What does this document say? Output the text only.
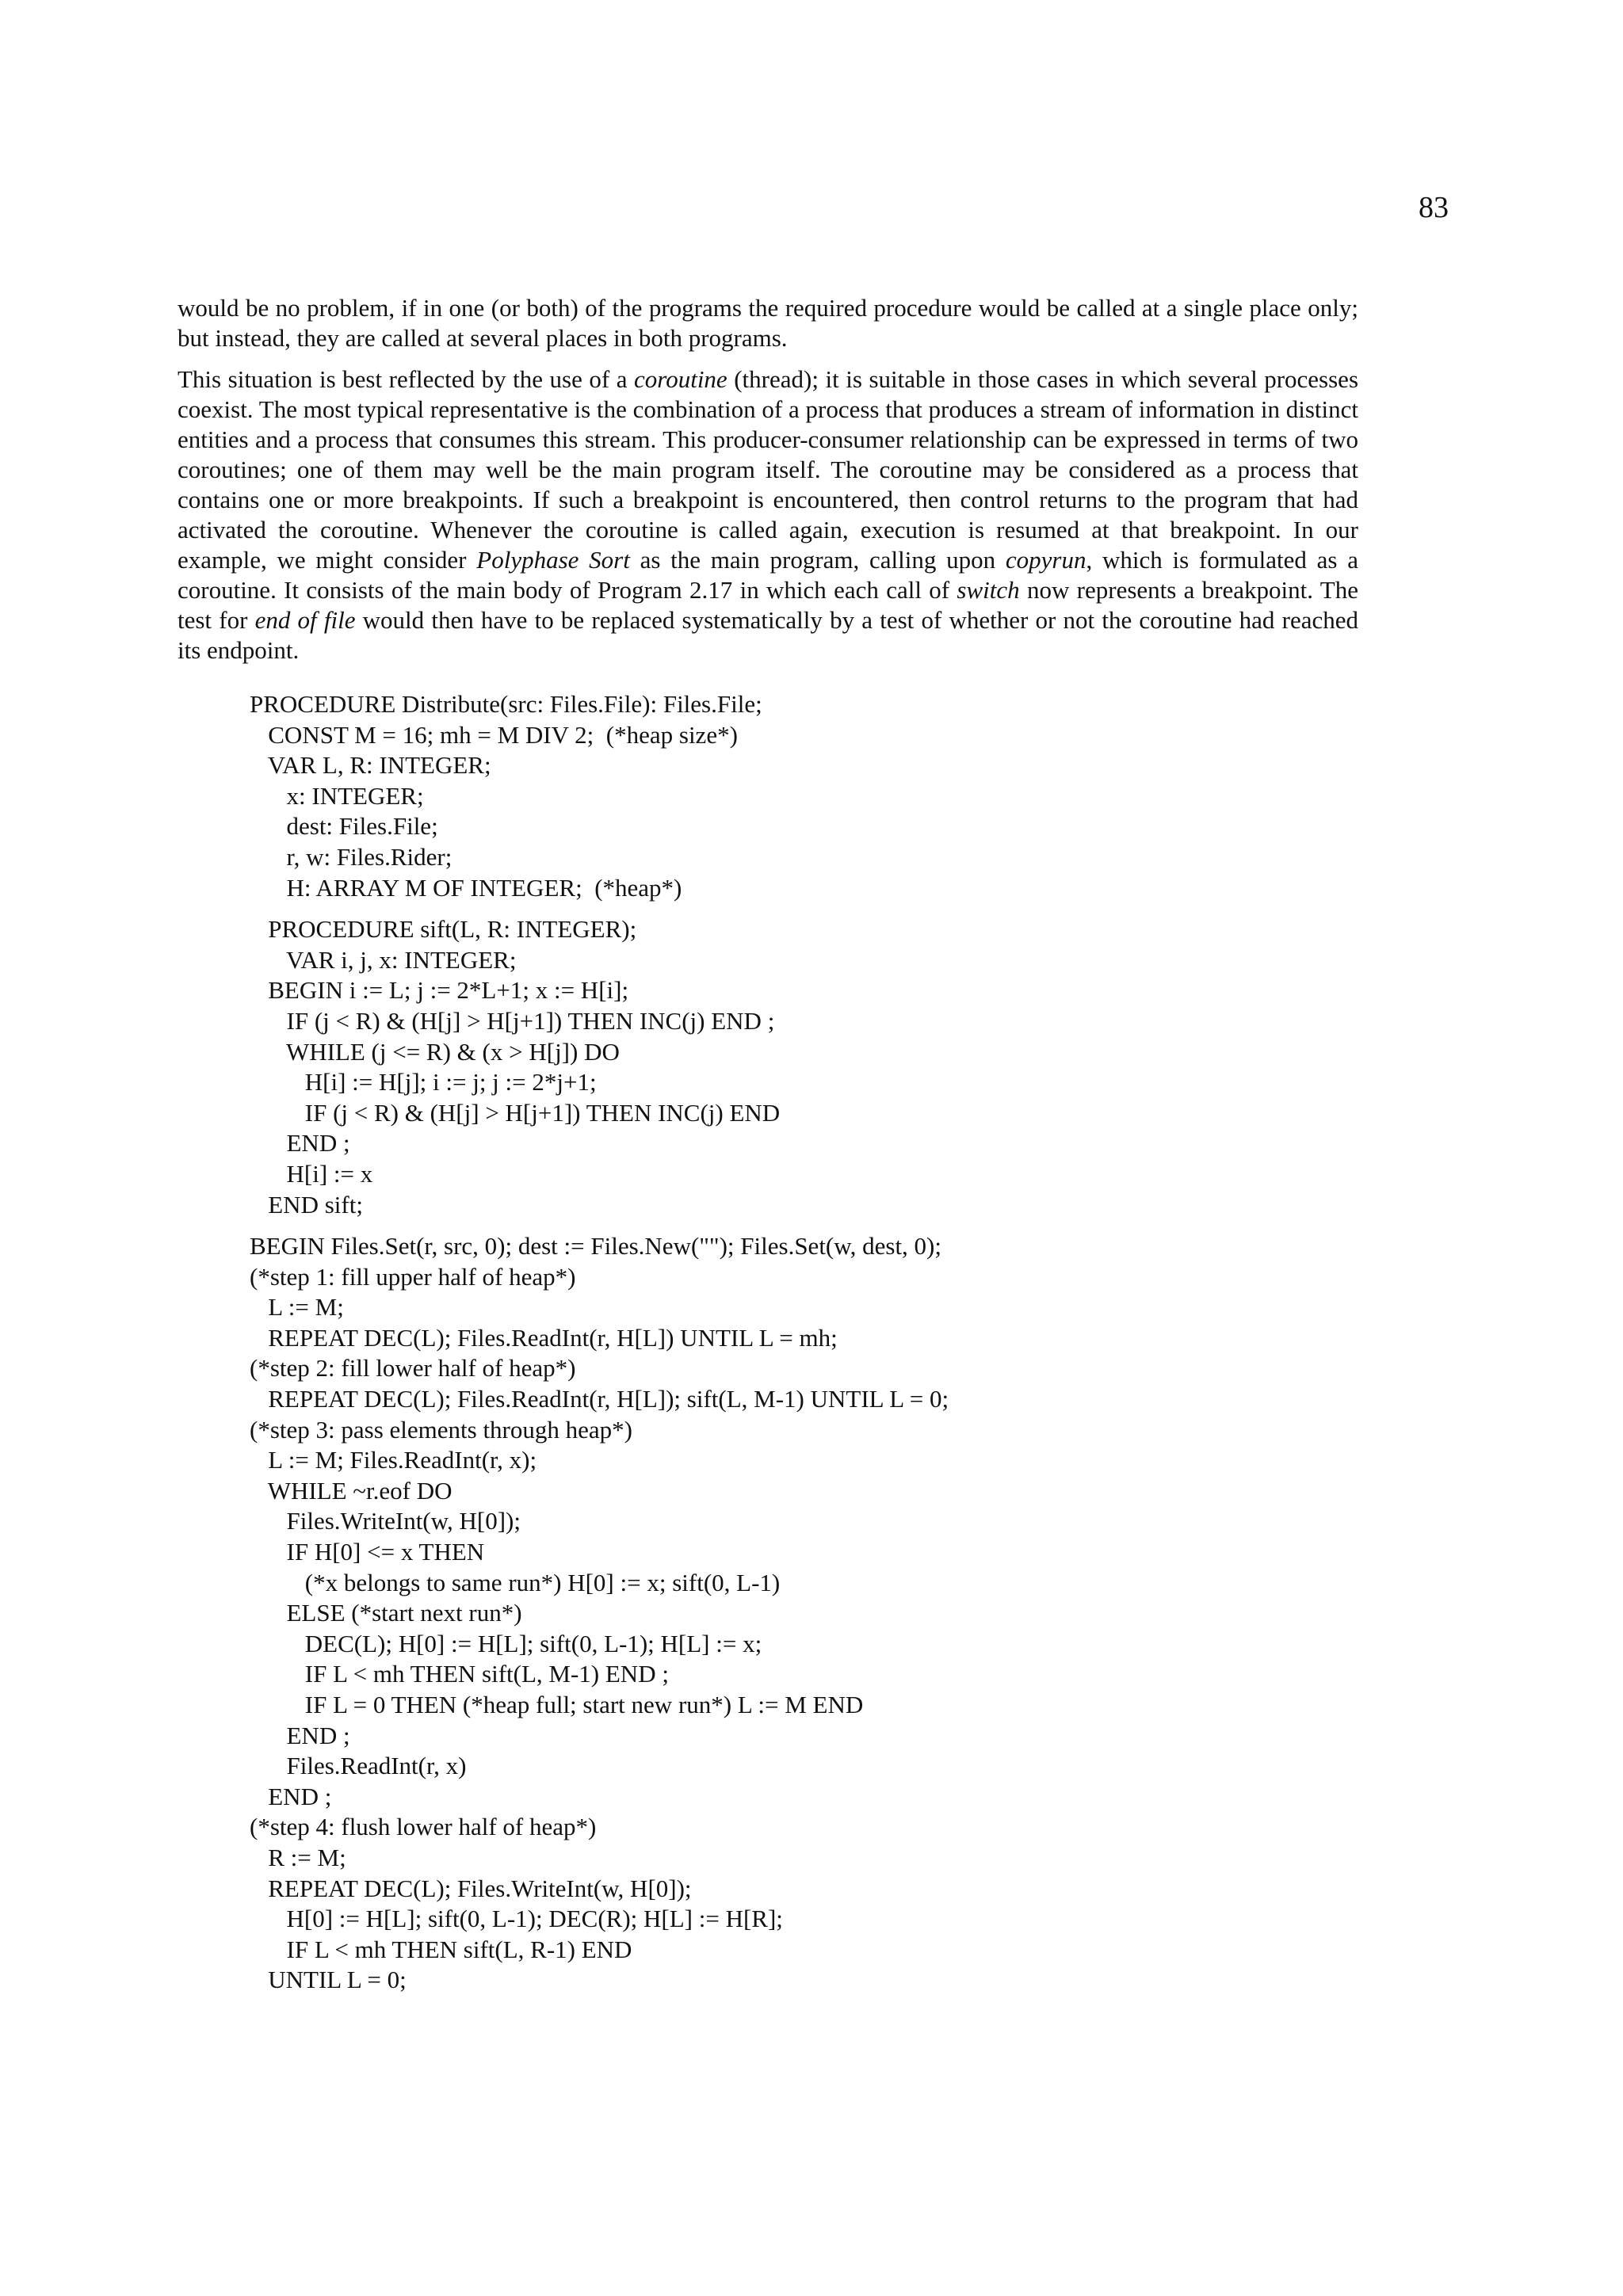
83

would be no problem, if in one (or both) of the programs the required procedure would be called at a single place only; but instead, they are called at several places in both programs.

This situation is best reflected by the use of a coroutine (thread); it is suitable in those cases in which several processes coexist. The most typical representative is the combination of a process that produces a stream of information in distinct entities and a process that consumes this stream. This producer-consumer relationship can be expressed in terms of two coroutines; one of them may well be the main program itself. The coroutine may be considered as a process that contains one or more breakpoints. If such a breakpoint is encountered, then control returns to the program that had activated the coroutine. Whenever the coroutine is called again, execution is resumed at that breakpoint. In our example, we might consider Polyphase Sort as the main program, calling upon copyrun, which is formulated as a coroutine. It consists of the main body of Program 2.17 in which each call of switch now represents a breakpoint. The test for end of file would then have to be replaced systematically by a test of whether or not the coroutine had reached its endpoint.

PROCEDURE Distribute(src: Files.File): Files.File;
CONST M = 16; mh = M DIV 2;  (*heap size*)
VAR L, R: INTEGER;
x: INTEGER;
dest: Files.File;
r, w: Files.Rider;
H: ARRAY M OF INTEGER;  (*heap*)
PROCEDURE sift(L, R: INTEGER);
VAR i, j, x: INTEGER;
BEGIN i := L; j := 2*L+1; x := H[i];
IF (j < R) & (H[j] > H[j+1]) THEN INC(j) END ;
WHILE (j <= R) & (x > H[j]) DO
H[i] := H[j]; i := j; j := 2*j+1;
IF (j < R) & (H[j] > H[j+1]) THEN INC(j) END
END ;
H[i] := x
END sift;
BEGIN Files.Set(r, src, 0); dest := Files.New(""); Files.Set(w, dest, 0);
(*step 1: fill upper half of heap*)
L := M;
REPEAT DEC(L); Files.ReadInt(r, H[L]) UNTIL L = mh;
(*step 2: fill lower half of heap*)
REPEAT DEC(L); Files.ReadInt(r, H[L]); sift(L, M-1) UNTIL L = 0;
(*step 3: pass elements through heap*)
L := M; Files.ReadInt(r, x);
WHILE ~r.eof DO
Files.WriteInt(w, H[0]);
IF H[0] <= x THEN
(*x belongs to same run*) H[0] := x; sift(0, L-1)
ELSE (*start next run*)
DEC(L); H[0] := H[L]; sift(0, L-1); H[L] := x;
IF L < mh THEN sift(L, M-1) END ;
IF L = 0 THEN (*heap full; start new run*) L := M END
END ;
Files.ReadInt(r, x)
END ;
(*step 4: flush lower half of heap*)
R := M;
REPEAT DEC(L); Files.WriteInt(w, H[0]);
H[0] := H[L]; sift(0, L-1); DEC(R); H[L] := H[R];
IF L < mh THEN sift(L, R-1) END
UNTIL L = 0;
